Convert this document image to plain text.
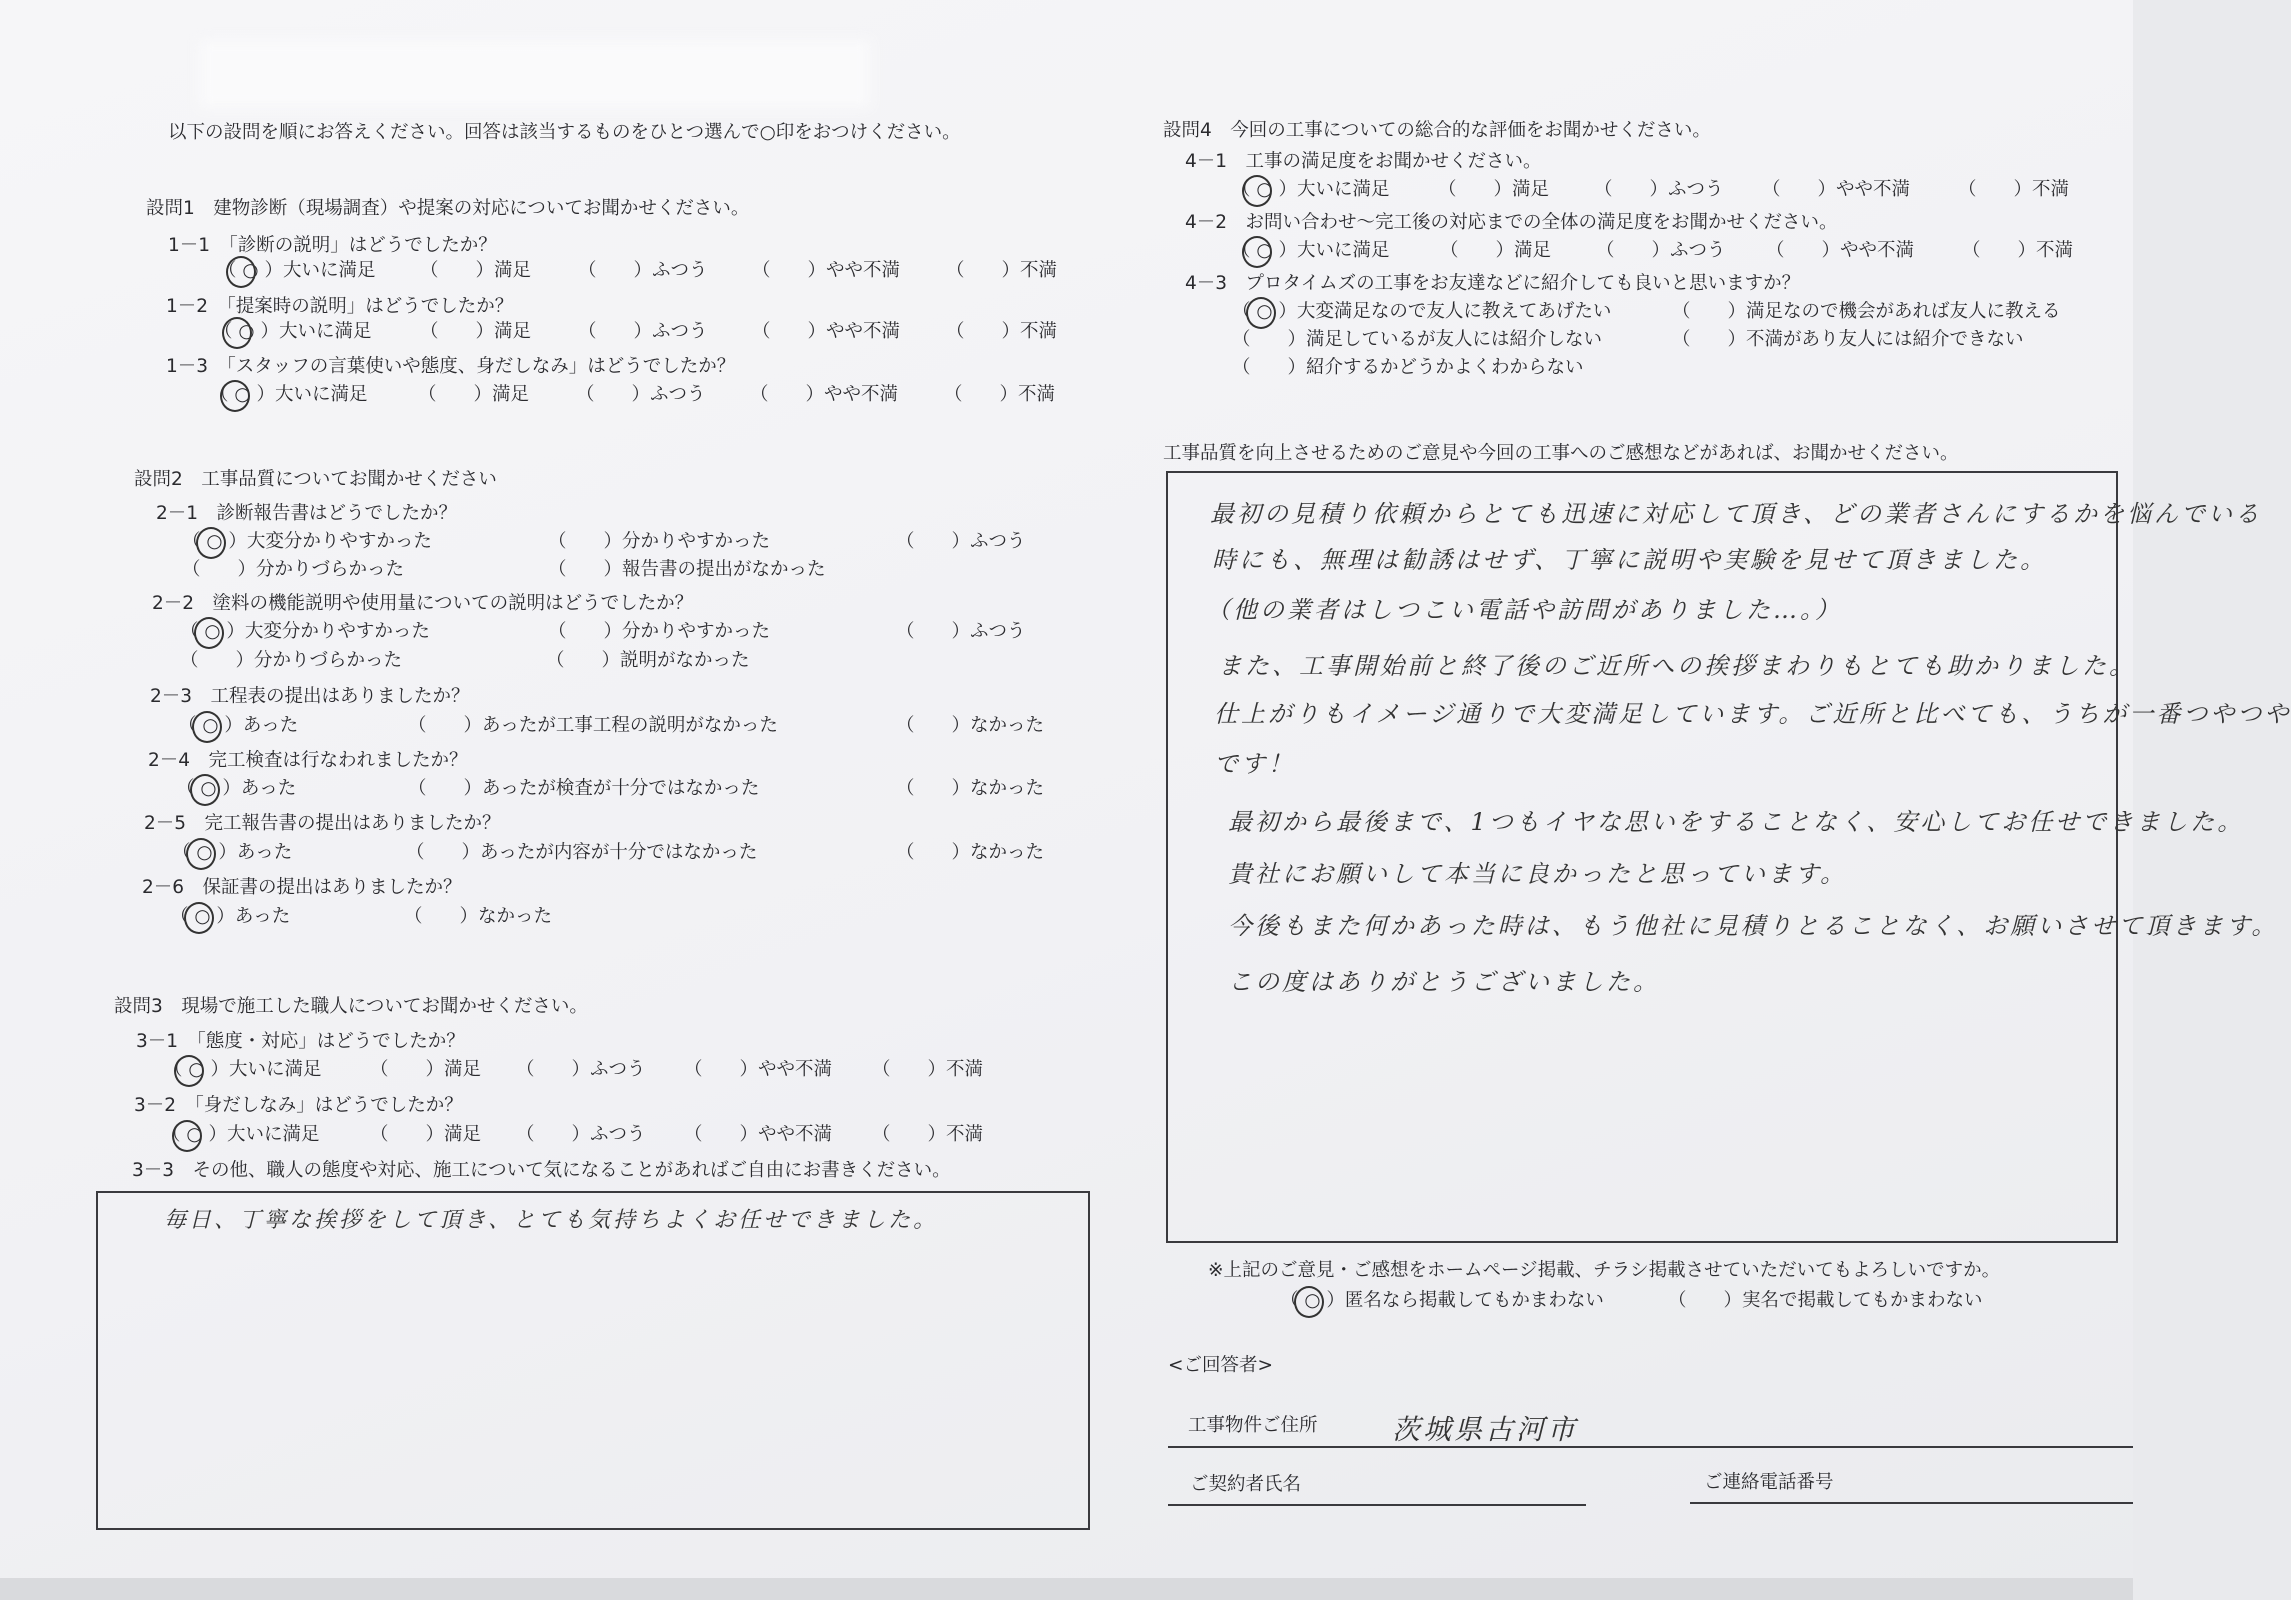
以下の設問を順にお答えください。回答は該当するものをひとつ選んで○印をおつけください。
設問1　建物診断（現場調査）や提案の対応についてお聞かせください。
1－1　「診断の説明」はどうでしたか？
（ ○ ）大いに満足 （　　）満足	（　　）ふつう （　　）やや不満 （　　）不満
1－2　「提案時の説明」はどうでしたか？
（ ○ ）大いに満足	（　　）満足	（　　）ふつう （　　）やや不満 （　　）不満
1－3　「スタッフの言葉使いや態度、身だしなみ」はどうでしたか？
（ ○ ）大いに満足	（　　）満足	（　　）ふつう （　　）やや不満 （　　）不満
設問2　工事品質についてお聞かせください
2－1　診断報告書はどうでしたか？
（ ○ ）大変分かりやすかった	（　　）分かりやすかった	（　　）ふつう
（　　）分かりづらかった	（　　）報告書の提出がなかった
2－2　塗料の機能説明や使用量についての説明はどうでしたか？
（ ○ ）大変分かりやすかった	（　　）分かりやすかった	（　　）ふつう
（　　）分かりづらかった	（　　）説明がなかった
2－3　工程表の提出はありましたか？
（ ○ ）あった	（　　）あったが工事工程の説明がなかった	（　　）なかった
2－4　完工検査は行なわれましたか？
（ ○ ）あった	（　　）あったが検査が十分ではなかった	（　　）なかった
2－5　完工報告書の提出はありましたか？
（ ○ ）あった	（　　）あったが内容が十分ではなかった	（　　）なかった
2－6　保証書の提出はありましたか？
（ ○ ）あった	（　　）なかった
設問3　現場で施工した職人についてお聞かせください。
3－1　「態度・対応」はどうでしたか？
（ ○ ）大いに満足	（　　）満足 （　　）ふつう （　　）やや不満 （　　）不満
3－2　「身だしなみ」はどうでしたか？
（ ○ ）大いに満足	（　　）満足 （　　）ふつう （　　）やや不満 （　　）不満
3－3　その他、職人の態度や対応、施工について気になることがあればご自由にお書きください。
毎日、丁寧な挨拶をして頂き、とても気持ちよくお任せできました。
設問4　今回の工事についての総合的な評価をお聞かせください。
4－1　工事の満足度をお聞かせください。
（ ○ ）大いに満足	（　　）満足 （　　）ふつう （　　）やや不満	（　　）不満
4－2　お問い合わせ～完工後の対応までの全体の満足度をお聞かせください。
（ ○ ）大いに満足	（　　）満足 （　　）ふつう （　　）やや不満	（　　）不満
4－3　プロタイムズの工事をお友達などに紹介しても良いと思いますか？
（ ○ ）大変満足なので友人に教えてあげたい	（　　）満足なので機会があれば友人に教える
（　　）満足しているが友人には紹介しない	（　　）不満があり友人には紹介できない
（　　）紹介するかどうかよくわからない
工事品質を向上させるためのご意見や今回の工事へのご感想などがあれば、お聞かせください。
最初の見積り依頼からとても迅速に対応して頂き、どの業者さんにするかを悩んでいる
時にも、無理は勧誘はせず、丁寧に説明や実験を見せて頂きました。
（他の業者はしつこい電話や訪問がありました…。）
また、工事開始前と終了後のご近所への挨拶まわりもとても助かりました。
仕上がりもイメージ通りで大変満足しています。ご近所と比べても、うちが一番つやつや
です！
最初から最後まで、1つもイヤな思いをすることなく、安心してお任せできました。
貴社にお願いして本当に良かったと思っています。
今後もまた何かあった時は、もう他社に見積りとることなく、お願いさせて頂きます。
この度はありがとうございました。
※上記のご意見・ご感想をホームページ掲載、チラシ掲載させていただいてもよろしいですか。
（ ○ ）匿名なら掲載してもかまわない	（　　）実名で掲載してもかまわない
<ご回答者>
工事物件ご住所	茨城県古河市
ご契約者氏名	ご連絡電話番号
